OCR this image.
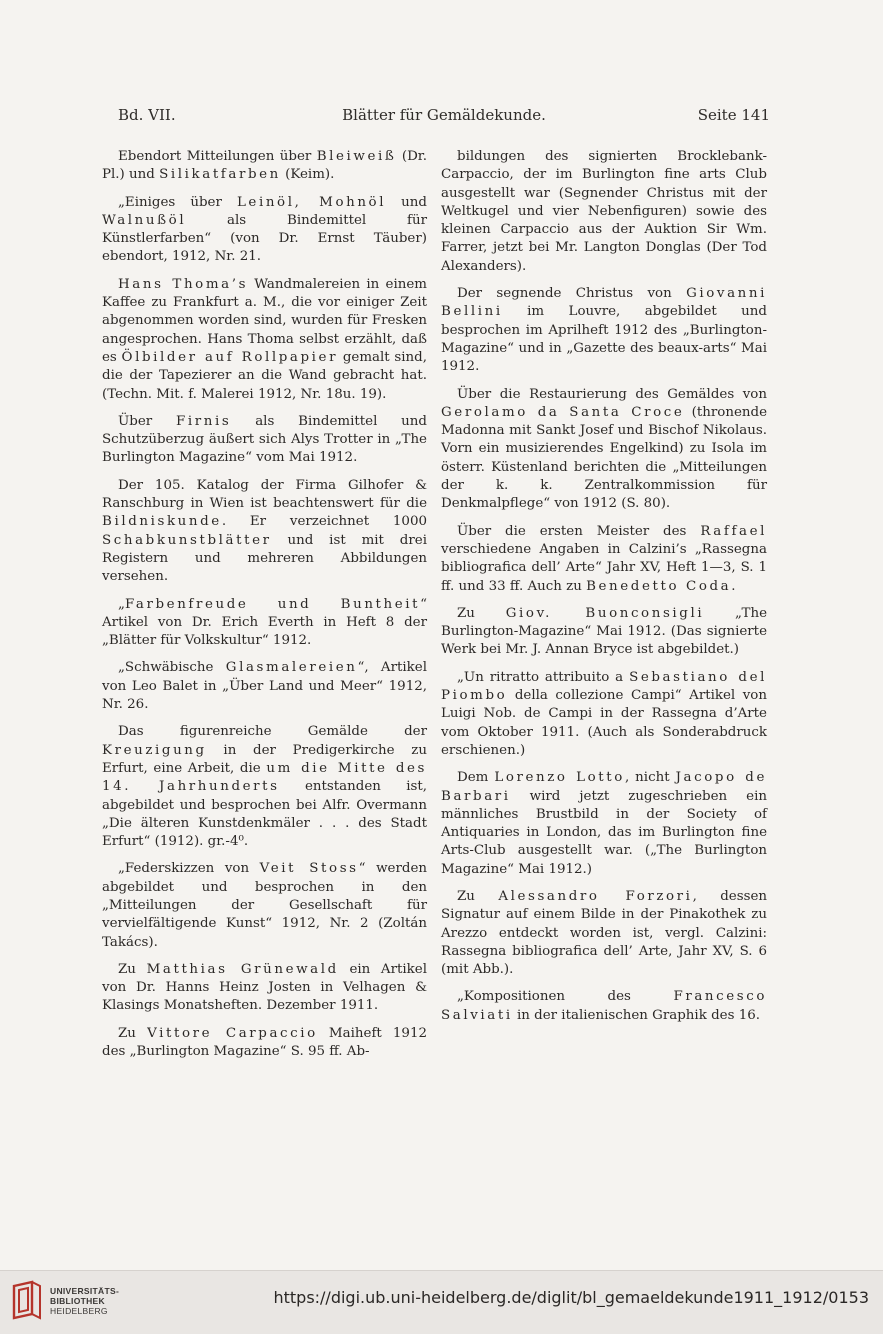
Bd. VII.	Blätter für Gemäldekunde.	Seite 141

Ebendort Mitteilungen über Bleiweiß (Dr. Pl.) und Silikatfarben (Keim).

„Einiges über Leinöl, Mohnöl und Walnußöl als Bindemittel für Künstlerfarben“ (von Dr. Ernst Täuber) ebendort, 1912, Nr. 21.

Hans Thoma’s Wandmalereien in einem Kaffee zu Frankfurt a. M., die vor einiger Zeit abgenommen worden sind, wurden für Fresken angesprochen. Hans Thoma selbst erzählt, daß es Ölbilder auf Rollpapier gemalt sind, die der Tapezierer an die Wand gebracht hat. (Techn. Mit. f. Malerei 1912, Nr. 18u. 19).

Über Firnis als Bindemittel und Schutzüberzug äußert sich Alys Trotter in „The Burlington Magazine“ vom Mai 1912.

Der 105. Katalog der Firma Gilhofer & Ranschburg in Wien ist beachtenswert für die Bildniskunde. Er verzeichnet 1000 Schabkunstblätter und ist mit drei Registern und mehreren Abbildungen versehen.

„Farbenfreude und Buntheit“ Artikel von Dr. Erich Everth in Heft 8 der „Blätter für Volkskultur“ 1912.

„Schwäbische Glasmalereien“, Artikel von Leo Balet in „Über Land und Meer“ 1912, Nr. 26.

Das figurenreiche Gemälde der Kreuzigung in der Predigerkirche zu Erfurt, eine Arbeit, die um die Mitte des 14. Jahrhunderts entstanden ist, abgebildet und besprochen bei Alfr. Overmann „Die älteren Kunstdenkmäler . . . des Stadt Erfurt“ (1912). gr.-4⁰.

„Federskizzen von Veit Stoss“ werden abgebildet und besprochen in den „Mitteilungen der Gesellschaft für vervielfältigende Kunst“ 1912, Nr. 2 (Zoltán Takács).

Zu Matthias Grünewald ein Artikel von Dr. Hanns Heinz Josten in Velhagen & Klasings Monatsheften. Dezember 1911.

Zu Vittore Carpaccio Maiheft 1912 des „Burlington Magazine“ S. 95 ff. Ab-

bildungen des signierten Brocklebank-Carpaccio, der im Burlington fine arts Club ausgestellt war (Segnender Christus mit der Weltkugel und vier Nebenfiguren) sowie des kleinen Carpaccio aus der Auktion Sir Wm. Farrer, jetzt bei Mr. Langton Donglas (Der Tod Alexanders).

Der segnende Christus von Giovanni Bellini im Louvre, abgebildet und besprochen im Aprilheft 1912 des „Burlington-Magazine“ und in „Gazette des beaux-arts“ Mai 1912.

Über die Restaurierung des Gemäldes von Gerolamo da Santa Croce (thronende Madonna mit Sankt Josef und Bischof Nikolaus. Vorn ein musizierendes Engelkind) zu Isola im österr. Küstenland berichten die „Mitteilungen der k. k. Zentralkommission für Denkmalpflege“ von 1912 (S. 80).

Über die ersten Meister des Raffael verschiedene Angaben in Calzini’s „Rassegna bibliografica dell’ Arte“ Jahr XV, Heft 1—3, S. 1 ff. und 33 ff. Auch zu Benedetto Coda.

Zu Giov. Buonconsigli „The Burlington-Magazine“ Mai 1912. (Das signierte Werk bei Mr. J. Annan Bryce ist abgebildet.)

„Un ritratto attribuito a Sebastiano del Piombo della collezione Campi“ Artikel von Luigi Nob. de Campi in der Rassegna d’Arte vom Oktober 1911. (Auch als Sonderabdruck erschienen.)

Dem Lorenzo Lotto, nicht Jacopo de Barbari wird jetzt zugeschrieben ein männliches Brustbild in der Society of Antiquaries in London, das im Burlington fine Arts-Club ausgestellt war. („The Burlington Magazine“ Mai 1912.)

Zu Alessandro Forzori, dessen Signatur auf einem Bilde in der Pinakothek zu Arezzo entdeckt worden ist, vergl. Calzini: Rassegna bibliografica dell’ Arte, Jahr XV, S. 6 (mit Abb.).

„Kompositionen des Francesco Salviati in der italienischen Graphik des 16.

UNIVERSITÄTS-
BIBLIOTHEK
HEIDELBERG
https://digi.ub.uni-heidelberg.de/diglit/bl_gemaeldekunde1911_1912/0153
